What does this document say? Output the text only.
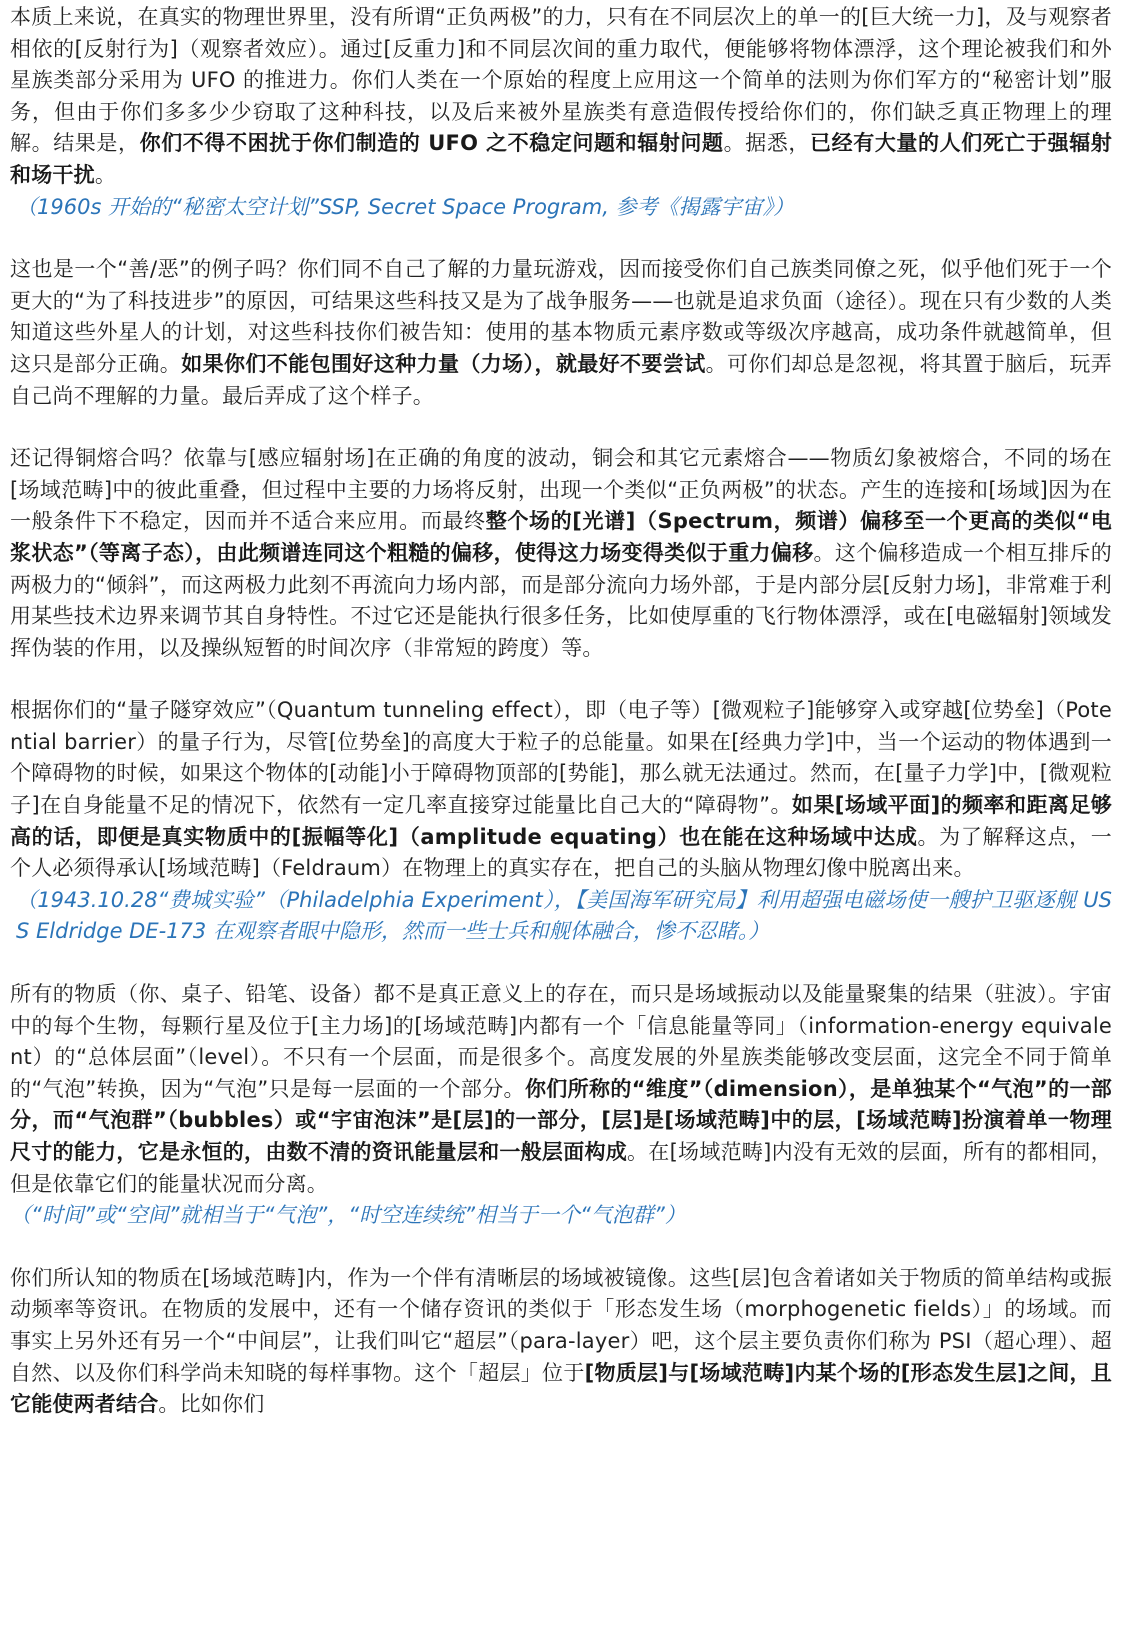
本质上来说，在真实的物理世界里，没有所谓“正负两极”的力，只有在不同层次上的单一的[巨大统一力]，及与观察者相依的[反射行为]（观察者效应）。通过[反重力]和不同层次间的重力取代，便能够将物体漂浮，这个理论被我们和外星族类部分采用为 UFO 的推进力。你们人类在一个原始的程度上应用这一个简单的法则为你们军方的“秘密计划”服务，但由于你们多多少少窃取了这种科技，以及后来被外星族类有意造假传授给你们的，你们缺乏真正物理上的理解。结果是，你们不得不困扰于你们制造的 UFO 之不稳定问题和辐射问题。据悉，已经有大量的人们死亡于强辐射和场干扰。

（1960s 开始的“秘密太空计划”SSP, Secret Space Program, 参考《揭露宇宙》）

这也是一个“善/恶”的例子吗？你们同不自己了解的力量玩游戏，因而接受你们自己族类同僚之死，似乎他们死于一个更大的“为了科技进步”的原因，可结果这些科技又是为了战争服务——也就是追求负面（途径）。现在只有少数的人类知道这些外星人的计划，对这些科技你们被告知：使用的基本物质元素序数或等级次序越高，成功条件就越简单，但这只是部分正确。如果你们不能包围好这种力量（力场），就最好不要尝试。可你们却总是忽视，将其置于脑后，玩弄自己尚不理解的力量。最后弄成了这个样子。

还记得铜熔合吗？依靠与[感应辐射场]在正确的角度的波动，铜会和其它元素熔合——物质幻象被熔合，不同的场在[场域范畴]中的彼此重叠，但过程中主要的力场将反射，出现一个类似“正负两极”的状态。产生的连接和[场域]因为在一般条件下不稳定，因而并不适合来应用。而最终整个场的[光谱]（Spectrum，频谱）偏移至一个更高的类似“电浆状态”（等离子态），由此频谱连同这个粗糙的偏移，使得这力场变得类似于重力偏移。这个偏移造成一个相互排斥的两极力的“倾斜”，而这两极力此刻不再流向力场内部，而是部分流向力场外部，于是内部分层[反射力场]，非常难于利用某些技术边界来调节其自身特性。不过它还是能执行很多任务，比如使厚重的飞行物体漂浮，或在[电磁辐射]领域发挥伪装的作用，以及操纵短暂的时间次序（非常短的跨度）等。

根据你们的“量子隧穿效应”（Quantum tunneling effect），即（电子等）[微观粒子]能够穿入或穿越[位势垒]（Potential barrier）的量子行为，尽管[位势垒]的高度大于粒子的总能量。如果在[经典力学]中，当一个运动的物体遇到一个障碍物的时候，如果这个物体的[动能]小于障碍物顶部的[势能]，那么就无法通过。然而，在[量子力学]中，[微观粒子]在自身能量不足的情况下，依然有一定几率直接穿过能量比自己大的“障碍物”。如果[场域平面]的频率和距离足够高的话，即便是真实物质中的[振幅等化]（amplitude equating）也在能在这种场域中达成。为了解释这点，一个人必须得承认[场域范畴]（Feldraum）在物理上的真实存在，把自己的头脑从物理幻像中脱离出来。

（1943.10.28“费城实验”（Philadelphia Experiment），【美国海军研究局】利用超强电磁场使一艘护卫驱逐舰 USS Eldridge DE-173 在观察者眼中隐形，然而一些士兵和舰体融合，惨不忍睹。）

所有的物质（你、桌子、铅笔、设备）都不是真正意义上的存在，而只是场域振动以及能量聚集的结果（驻波）。宇宙中的每个生物，每颗行星及位于[主力场]的[场域范畴]内都有一个「信息能量等同」（information-energy equivalent）的“总体层面”（level）。不只有一个层面，而是很多个。高度发展的外星族类能够改变层面，这完全不同于简单的“气泡”转换，因为“气泡”只是每一层面的一个部分。你们所称的“维度”（dimension），是单独某个“气泡”的一部分，而“气泡群”（bubbles）或“宇宙泡沫”是[层]的一部分，[层]是[场域范畴]中的层，[场域范畴]扮演着单一物理尺寸的能力，它是永恒的，由数不清的资讯能量层和一般层面构成。在[场域范畴]内没有无效的层面，所有的都相同，但是依靠它们的能量状况而分离。

（“时间”或“空间”就相当于“气泡”，“时空连续统”相当于一个“气泡群”）

你们所认知的物质在[场域范畴]内，作为一个伴有清晰层的场域被镜像。这些[层]包含着诸如关于物质的简单结构或振动频率等资讯。在物质的发展中，还有一个储存资讯的类似于「形态发生场（morphogenetic fields）」的场域。而事实上另外还有另一个“中间层”，让我们叫它“超层”（para-layer）吧，这个层主要负责你们称为 PSI（超心理）、超自然、以及你们科学尚未知晓的每样事物。这个「超层」位于[物质层]与[场域范畴]内某个场的[形态发生层]之间，且它能使两者结合。比如你们
